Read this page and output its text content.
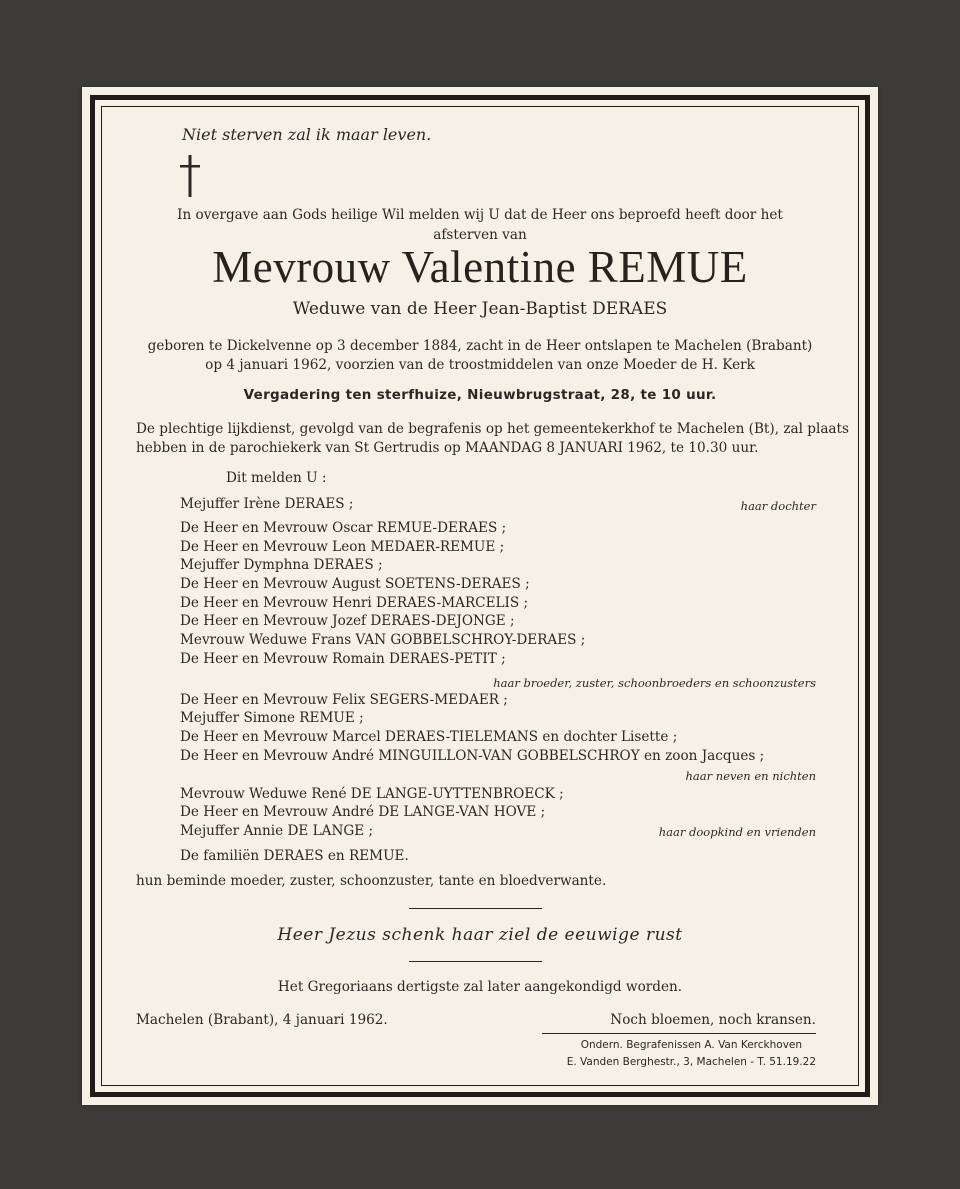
Niet sterven zal ik maar leven.
In overgave aan Gods heilige Wil melden wij U dat de Heer ons beproefd heeft door het
afsterven van
Mevrouw Valentine REMUE
Weduwe van de Heer Jean-Baptist DERAES
geboren te Dickelvenne op 3 december 1884, zacht in de Heer ontslapen te Machelen (Brabant)
op 4 januari 1962, voorzien van de troostmiddelen van onze Moeder de H. Kerk
Vergadering ten sterfhuize, Nieuwbrugstraat, 28, te 10 uur.
De plechtige lijkdienst, gevolgd van de begrafenis op het gemeentekerkhof te Machelen (Bt), zal plaats
hebben in de parochiekerk van St Gertrudis op MAANDAG 8 JANUARI 1962, te 10.30 uur.
Dit melden U :
Mejuffer Irène DERAES ;	haar dochter
De Heer en Mevrouw Oscar REMUE-DERAES ;
De Heer en Mevrouw Leon MEDAER-REMUE ;
Mejuffer Dymphna DERAES ;
De Heer en Mevrouw August SOETENS-DERAES ;
De Heer en Mevrouw Henri DERAES-MARCELIS ;
De Heer en Mevrouw Jozef DERAES-DEJONGE ;
Mevrouw Weduwe Frans VAN GOBBELSCHROY-DERAES ;
De Heer en Mevrouw Romain DERAES-PETIT ;
haar broeder, zuster, schoonbroeders en schoonzusters
De Heer en Mevrouw Felix SEGERS-MEDAER ;
Mejuffer Simone REMUE ;
De Heer en Mevrouw Marcel DERAES-TIELEMANS en dochter Lisette ;
De Heer en Mevrouw André MINGUILLON-VAN GOBBELSCHROY en zoon Jacques ;
haar neven en nichten
Mevrouw Weduwe René DE LANGE-UYTTENBROECK ;
De Heer en Mevrouw André DE LANGE-VAN HOVE ;
Mejuffer Annie DE LANGE ;	haar doopkind en vrienden
De familiën DERAES en REMUE.
hun beminde moeder, zuster, schoonzuster, tante en bloedverwante.
Heer Jezus schenk haar ziel de eeuwige rust
Het Gregoriaans dertigste zal later aangekondigd worden.
Machelen (Brabant), 4 januari 1962.	Noch bloemen, noch kransen.
Ondern. Begrafenissen A. Van Kerckhoven
E. Vanden Berghestr., 3, Machelen - T. 51.19.22
